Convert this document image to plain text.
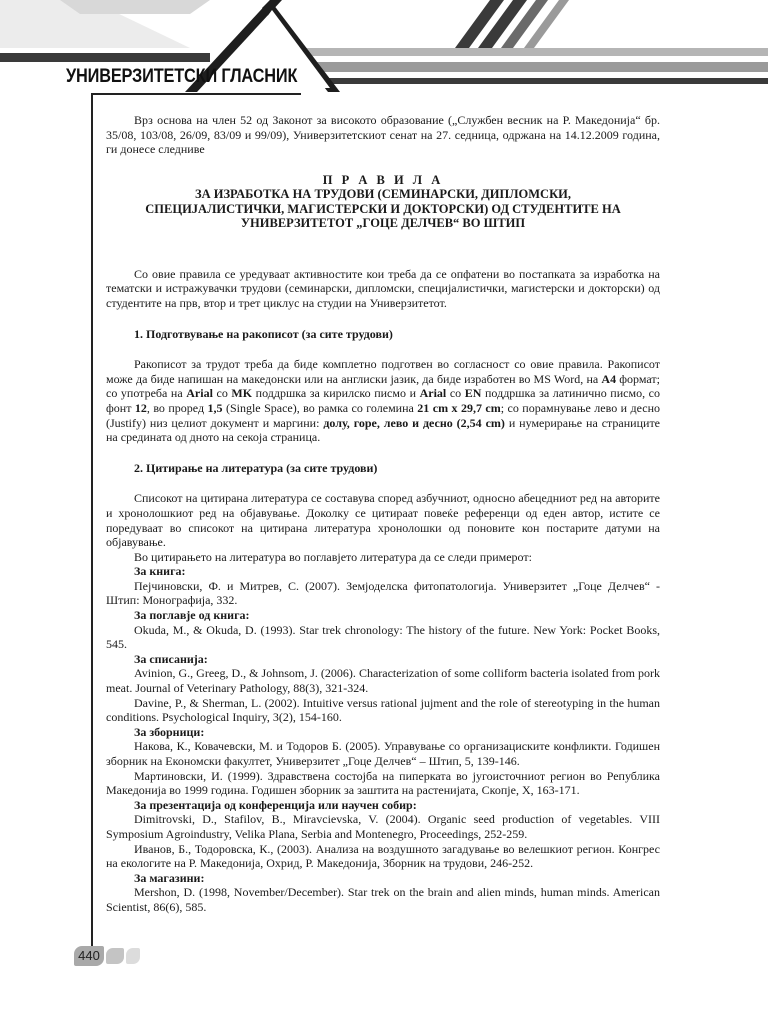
УНИВЕРЗИТЕТСКИ ГЛАСНИК

Врз основа на член 52 од Законот за високото образование („Службен весник на Р. Македонија“ бр. 35/08, 103/08, 26/09, 83/09 и 99/09), Универзитетскиот сенат на 27. седница, одржана на 14.12.2009 година, ги донесе следниве

П Р А В И Л А
ЗА ИЗРАБОТКА НА ТРУДОВИ (СЕМИНАРСКИ, ДИПЛОМСКИ,
СПЕЦИЈАЛИСТИЧКИ, МАГИСТЕРСКИ И ДОКТОРСКИ) ОД СТУДЕНТИТЕ НА
УНИВЕРЗИТЕТОТ „ГОЦЕ ДЕЛЧЕВ“ ВО ШТИП

Со овие правила се уредуваат активностите кои треба да се опфатени во постапката за изработка на тематски и истражувачки трудови (семинарски, дипломски, специјалистички, магистерски и докторски) од студентите на прв, втор и трет циклус на студии на Универзитетот.

1. Подготвување на ракописот (за сите трудови)

Ракописот за трудот треба да биде комплетно подготвен во согласност со овие правила. Ракописот може да биде напишан на македонски или на англиски јазик, да биде изработен во MS Word, на A4 формат; со употреба на Arial со MK поддршка за кирилско писмо и Arial со EN поддршка за латинично писмо, со фонт 12, во проред 1,5 (Single Space), во рамка со големина 21 cm x 29,7 cm; со порамнување лево и десно (Justify) низ целиот документ и маргини: долу, горе, лево и десно (2,54 cm) и нумерирање на страниците на средината од дното на секоја страница.

2. Цитирање на литература (за сите трудови)

Списокот на цитирана литература се составува според азбучниот, односно абецедниот ред на авторите и хронолошкиот ред на објавување. Доколку се цитираат повеќе референци од еден автор, истите се поредуваат во списокот на цитирана литература хронолошки од поновите кон постарите датуми на објавување.

Во цитирањето на литература во поглавјето литература да се следи примерот:

За книга:

Пејчиновски, Ф. и Митрев, С. (2007). Земјоделска фитопатологија. Универзитет „Гоце Делчев“ - Штип: Монографија, 332.

За поглавје од книга:

Okuda, M., & Okuda, D. (1993). Star trek chronology: The history of the future. New York: Pocket Books, 545.

За списанија:

Avinion, G., Greeg, D., & Johnsom, J. (2006). Characterization of some colliform bacteria isolated from pork meat. Journal of Veterinary Pathology, 88(3), 321-324.

Davine, P., & Sherman, L. (2002). Intuitive versus rational jujment and the role of stereotyping in the human conditions. Psychological Inquiry, 3(2), 154-160.

За зборници:

Накова, К., Ковачевски, М. и Тодоров Б. (2005). Управување со организациските конфликти. Годишен зборник на Економски факултет, Универзитет „Гоце Делчев“ – Штип, 5, 139-146.

Мартиновски, И. (1999). Здравствена состојба на пиперката во југоисточниот регион во Република Македонија во 1999 година. Годишен зборник за заштита на растенијата, Скопје, X, 163-171.

За презентација од конференција или научен собир:

Dimitrovski, D., Stafilov, B., Miravcievska, V. (2004). Organic seed production of vegetables. VIII Symposium Agroindustry, Velika Plana, Serbia and Montenegro, Proceedings, 252-259.

Иванов, Б., Тодоровска, К., (2003). Анализа на воздушното загадување во велешкиот регион. Конгрес на екологите на Р. Македонија, Охрид, Р. Македонија, Зборник на трудови, 246-252.

За магазини:

Mershon, D. (1998, November/December). Star trek on the brain and alien minds, human minds. American Scientist, 86(6), 585.

440
